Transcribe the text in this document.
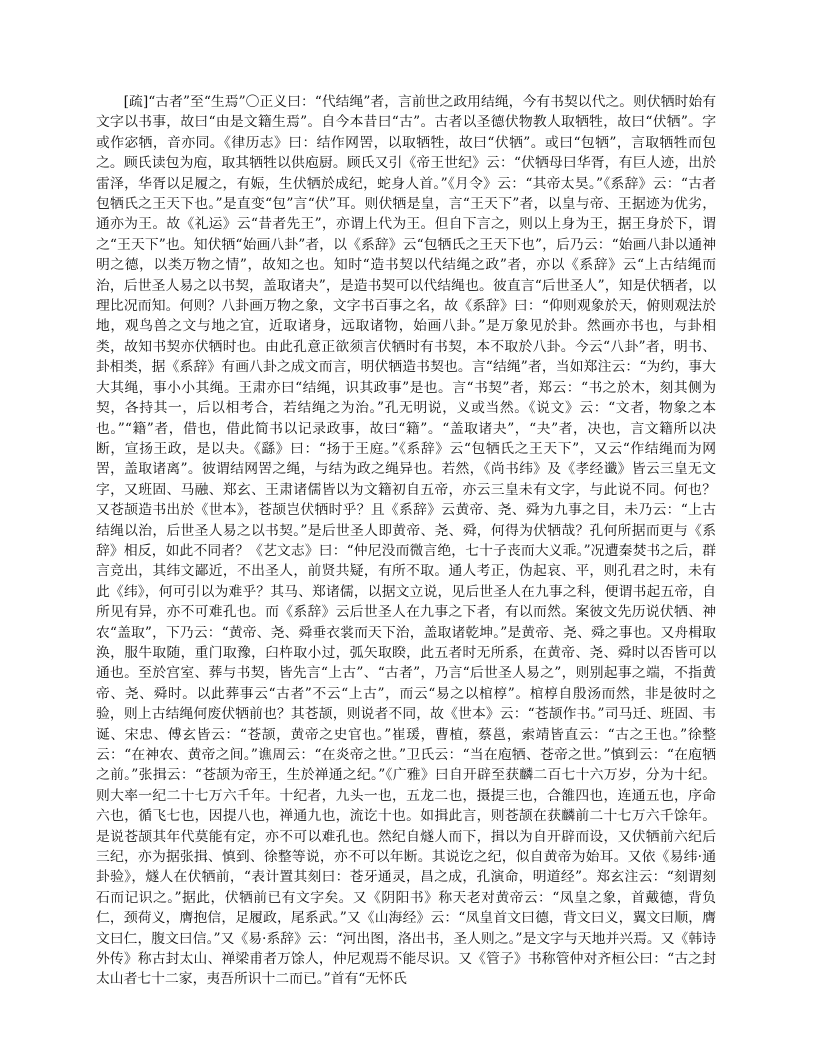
[疏]“古者”至“生焉”〇正义曰：“代结绳”者，言前世之政用结绳，今有书契以代之。则伏牺时始有文字以书事，故曰“由是文籍生焉”。自今本昔曰“古”。古者以圣德伏物教人取牺牲，故曰“伏牺”。字或作宓牺，音亦同。《律历志》曰：结作网罟，以取牺牲，故曰“伏牺”。或曰“包牺”，言取牺牲而包之。顾氏读包为庖，取其牺牲以供庖厨。顾氏又引《帝王世纪》云：“伏牺母曰华胥，有巨人迹，出於雷泽，华胥以足履之，有娠，生伏牺於成纪，蛇身人首。”《月令》云：“其帝太昊。”《系辞》云：“古者包牺氏之王天下也。”是直变“包”言“伏”耳。则伏牺是皇，言“王天下”者，以皇与帝、王据迹为优劣，通亦为王。故《礼运》云“昔者先王”，亦谓上代为王。但自下言之，则以上身为王，据王身於下，谓之“王天下”也。知伏牺“始画八卦”者，以《系辞》云“包牺氏之王天下也”，后乃云：“始画八卦以通神明之德，以类万物之情”，故知之也。知时“造书契以代结绳之政”者，亦以《系辞》云“上古结绳而治，后世圣人易之以书契，盖取诸夬”，是造书契可以代结绳也。彼直言“后世圣人”，知是伏牺者，以理比况而知。何则？八卦画万物之象，文字书百事之名，故《系辞》曰：“仰则观象於天，俯则观法於地，观鸟兽之文与地之宜，近取诸身，远取诸物，始画八卦。”是万象见於卦。然画亦书也，与卦相类，故知书契亦伏牺时也。由此孔意正欲须言伏牺时有书契，本不取於八卦。今云“八卦”者，明书、卦相类，据《系辞》有画八卦之成文而言，明伏牺造书契也。言“结绳”者，当如郑注云：“为约，事大大其绳，事小小其绳。王肃亦曰“结绳，识其政事”是也。言“书契”者，郑云：“书之於木，刻其侧为契，各持其一，后以相考合，若结绳之为治。”孔无明说，义或当然。《说文》云：“文者，物象之本也。”“籍”者，借也，借此简书以记录政事，故曰“籍”。“盖取诸夬”，“夬”者，决也，言文籍所以决断，宣扬王政，是以夬。《繇》曰：“扬于王庭。”《系辞》云“包牺氏之王天下”，又云“作结绳而为网罟，盖取诸离”。彼谓结网罟之绳，与结为政之绳异也。若然，《尚书纬》及《孝经谶》皆云三皇无文字，又班固、马融、郑玄、王肃诸儒皆以为文籍初自五帝，亦云三皇未有文字，与此说不同。何也？又苍颉造书出於《世本》，苍颉岂伏牺时乎？且《系辞》云黄帝、尧、舜为九事之目，未乃云：“上古结绳以治，后世圣人易之以书契。”是后世圣人即黄帝、尧、舜，何得为伏牺哉？孔何所据而更与《系辞》相反，如此不同者？《艺文志》曰：“仲尼没而微言绝，七十子丧而大义乖。”况遭秦焚书之后，群言竞出，其纬文鄙近，不出圣人，前贤共疑，有所不取。通人考正，伪起哀、平，则孔君之时，未有此《纬》，何可引以为难乎？其马、郑诸儒，以据文立说，见后世圣人在九事之科，便谓书起五帝，自所见有异，亦不可难孔也。而《系辞》云后世圣人在九事之下者，有以而然。案彼文先历说伏牺、神农“盖取”，下乃云：“黄帝、尧、舜垂衣裳而天下治，盖取诸乾坤。”是黄帝、尧、舜之事也。又舟楫取涣，服牛取随，重门取豫，臼杵取小过，弧矢取睽，此五者时无所系，在黄帝、尧、舜时以否皆可以通也。至於宫室、葬与书契，皆先言“上古”、“古者”，乃言“后世圣人易之”，则别起事之端，不指黄帝、尧、舜时。以此葬事云“古者”不云“上古”，而云“易之以棺椁”。棺椁自殷汤而然，非是彼时之验，则上古结绳何废伏牺前也？其苍颉，则说者不同，故《世本》云：“苍颉作书。”司马迁、班固、韦诞、宋忠、傅玄皆云：“苍颉，黄帝之史官也。”崔瑗，曹植，蔡邕，索靖皆直云：“古之王也。”徐整云：“在神农、黄帝之间。”谯周云：“在炎帝之世。”卫氏云：“当在庖牺、苍帝之世。”慎到云：“在庖牺之前。”张揖云：“苍颉为帝王，生於禅通之纪。”《广雅》曰自开辟至获麟二百七十六万岁，分为十纪。则大率一纪二十七万六千年。十纪者，九头一也，五龙二也，摄提三也，合雒四也，连通五也，序命六也，循飞七也，因提八也，禅通九也，流讫十也。如揖此言，则苍颉在获麟前二十七万六千馀年。是说苍颉其年代莫能有定，亦不可以难孔也。然纪自燧人而下，揖以为自开辟而设，又伏牺前六纪后三纪，亦为据张揖、慎到、徐整等说，亦不可以年断。其说讫之纪，似自黄帝为始耳。又依《易纬·通卦验》，燧人在伏牺前，“表计置其刻曰：苍牙通灵，昌之成，孔演命，明道经”。郑玄注云：“刻谓刻石而记识之。”据此，伏牺前已有文字矣。又《阴阳书》称天老对黄帝云：“凤皇之象，首戴德，背负仁，颈荷义，膺抱信，足履政，尾系武。”又《山海经》云：“凤皇首文曰德，背文曰义，翼文曰顺，膺文曰仁，腹文曰信。”又《易·系辞》云：“河出图，洛出书，圣人则之。”是文字与天地并兴焉。又《韩诗外传》称古封太山、禅梁甫者万馀人，仲尼观焉不能尽识。又《管子》书称管仲对齐桓公曰：“古之封太山者七十二家，夷吾所识十二而已。”首有“无怀氏
